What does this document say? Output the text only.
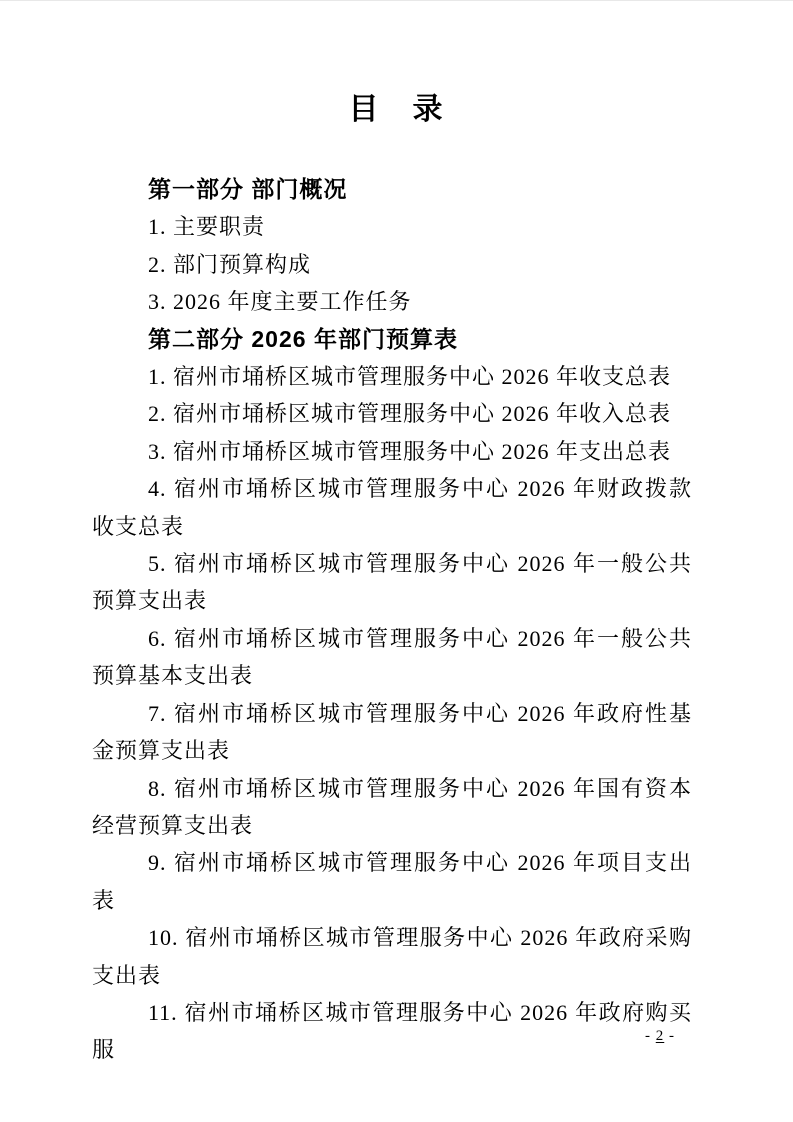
目　录

第一部分 部门概况

1. 主要职责

2. 部门预算构成

3. 2026 年度主要工作任务

第二部分 2026 年部门预算表

1. 宿州市埇桥区城市管理服务中心 2026 年收支总表

2. 宿州市埇桥区城市管理服务中心 2026 年收入总表

3. 宿州市埇桥区城市管理服务中心 2026 年支出总表

4. 宿州市埇桥区城市管理服务中心 2026 年财政拨款收支总表

5. 宿州市埇桥区城市管理服务中心 2026 年一般公共预算支出表

6. 宿州市埇桥区城市管理服务中心 2026 年一般公共预算基本支出表

7. 宿州市埇桥区城市管理服务中心 2026 年政府性基金预算支出表

8. 宿州市埇桥区城市管理服务中心 2026 年国有资本经营预算支出表

9. 宿州市埇桥区城市管理服务中心 2026 年项目支出表

10. 宿州市埇桥区城市管理服务中心 2026 年政府采购支出表

11. 宿州市埇桥区城市管理服务中心 2026 年政府购买服

- 2 -
